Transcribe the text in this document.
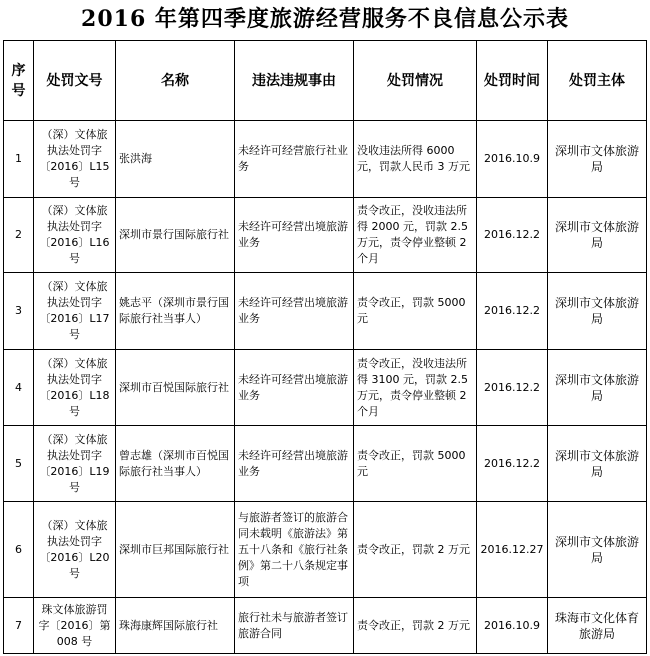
2016 年第四季度旅游经营服务不良信息公示表
序号	处罚文号	名称	违法违规事由	处罚情况	处罚时间	处罚主体
1	（深）文体旅执法处罚字〔2016〕L15 号	张洪海	未经许可经营旅行社业务	没收违法所得 6000 元，罚款人民币 3 万元	2016.10.9	深圳市文体旅游局
2	（深）文体旅执法处罚字〔2016〕L16 号	深圳市景行国际旅行社	未经许可经营出境旅游业务	责令改正，没收违法所得 2000 元，罚款 2.5 万元，责令停业整顿 2 个月	2016.12.2	深圳市文体旅游局
3	（深）文体旅执法处罚字〔2016〕L17 号	姚志平（深圳市景行国际旅行社当事人）	未经许可经营出境旅游业务	责令改正，罚款 5000 元	2016.12.2	深圳市文体旅游局
4	（深）文体旅执法处罚字〔2016〕L18 号	深圳市百悦国际旅行社	未经许可经营出境旅游业务	责令改正，没收违法所得 3100 元，罚款 2.5 万元，责令停业整顿 2 个月	2016.12.2	深圳市文体旅游局
5	（深）文体旅执法处罚字〔2016〕L19 号	曾志雄（深圳市百悦国际旅行社当事人）	未经许可经营出境旅游业务	责令改正，罚款 5000 元	2016.12.2	深圳市文体旅游局
6	（深）文体旅执法处罚字〔2016〕L20 号	深圳市巨邦国际旅行社	与旅游者签订的旅游合同未载明《旅游法》第五十八条和《旅行社条例》第二十八条规定事项	责令改正，罚款 2 万元	2016.12.27	深圳市文体旅游局
7	珠文体旅游罚字〔2016〕第 008 号	珠海康辉国际旅行社	旅行社未与旅游者签订旅游合同	责令改正，罚款 2 万元	2016.10.9	珠海市文化体育旅游局
